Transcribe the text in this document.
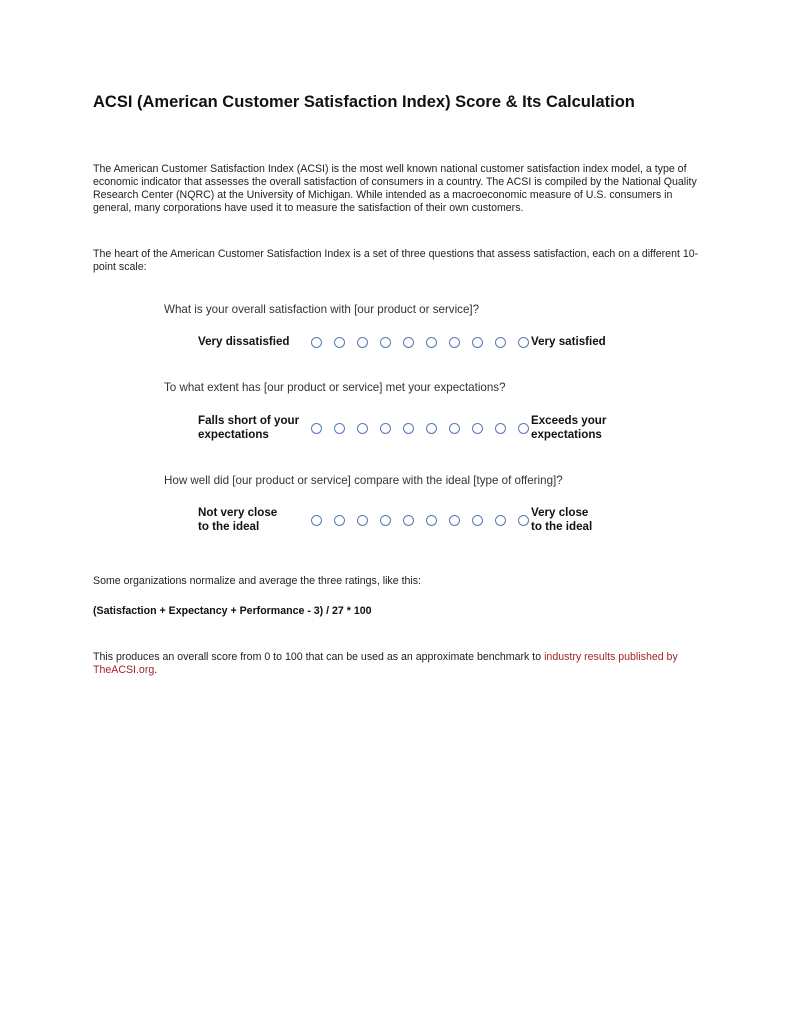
ACSI (American Customer Satisfaction Index) Score & Its Calculation

The American Customer Satisfaction Index (ACSI) is the most well known national customer satisfaction index model, a type of economic indicator that assesses the overall satisfaction of consumers in a country. The ACSI is compiled by the National Quality Research Center (NQRC) at the University of Michigan. While intended as a macroeconomic measure of U.S. consumers in general, many corporations have used it to measure the satisfaction of their own customers.

The heart of the American Customer Satisfaction Index is a set of three questions that assess satisfaction, each on a different 10-point scale:

What is your overall satisfaction with [our product or service]?

Very dissatisfied	Very satisfied

To what extent has [our product or service] met your expectations?

Falls short of your expectations
Exceeds your expectations

How well did [our product or service] compare with the ideal [type of offering]?

Not very close to the ideal
Very close to the ideal

Some organizations normalize and average the three ratings, like this:

(Satisfaction + Expectancy + Performance - 3) / 27 * 100

This produces an overall score from 0 to 100 that can be used as an approximate benchmark to industry results published by TheACSI.org.
